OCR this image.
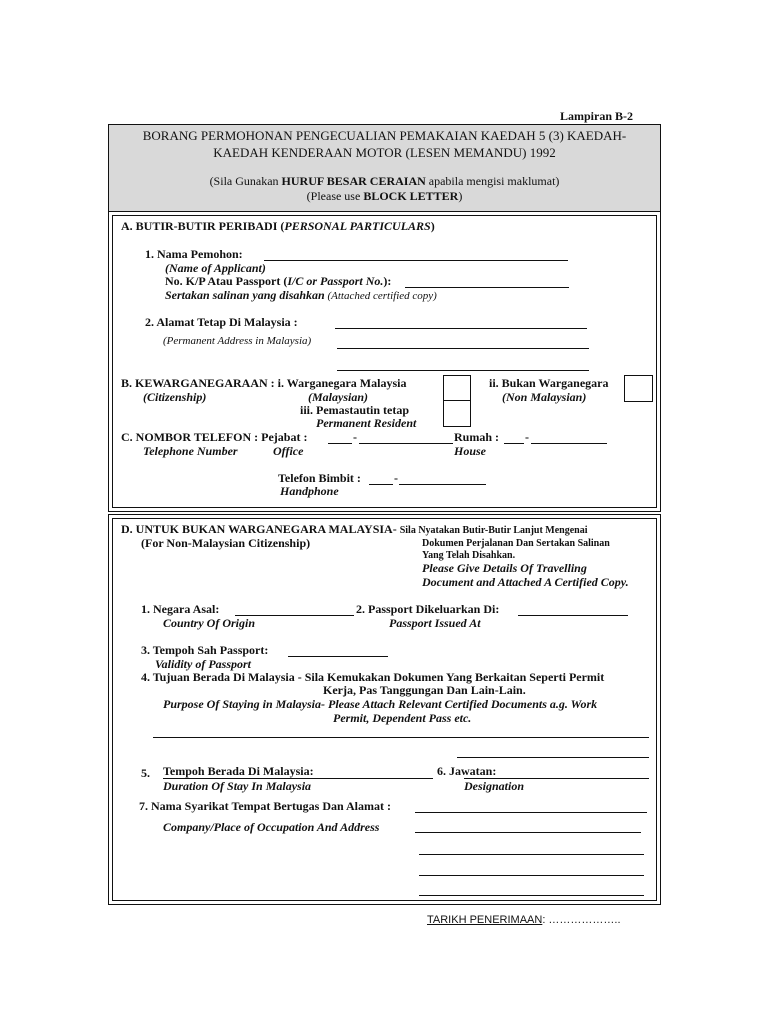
Lampiran B-2
BORANG PERMOHONAN PENGECUALIAN PEMAKAIAN KAEDAH 5 (3) KAEDAH-
KAEDAH KENDERAAN MOTOR (LESEN MEMANDU) 1992
(Sila Gunakan HURUF BESAR CERAIAN apabila mengisi maklumat)
(Please use BLOCK LETTER)
A. BUTIR-BUTIR PERIBADI (PERSONAL PARTICULARS)
1. Nama Pemohon:
(Name of Applicant)
No. K/P Atau Passport (I/C or Passport No.):
Sertakan salinan yang disahkan (Attached certified copy)
2. Alamat Tetap Di Malaysia :
(Permanent Address in Malaysia)
B. KEWARGANEGARAAN : i. Warganegara Malaysia	ii. Bukan Warganegara
(Citizenship)	(Malaysian)	(Non Malaysian)
iii. Pemastautin tetap
Permanent Resident
C. NOMBOR TELEFON : Pejabat :	-	Rumah : -
Telephone Number	Office	House
Telefon Bimbit :	-
Handphone
D. UNTUK BUKAN WARGANEGARA MALAYSIA- Sila Nyatakan Butir-Butir Lanjut Mengenai
(For Non-Malaysian Citizenship)	Dokumen Perjalanan Dan Sertakan Salinan
Yang Telah Disahkan.
Please Give Details Of Travelling
Document and Attached A Certified Copy.
1. Negara Asal:
Country Of Origin
2. Passport Dikeluarkan Di:
Passport Issued At
3. Tempoh Sah Passport:
Validity of Passport
4. Tujuan Berada Di Malaysia - Sila Kemukakan Dokumen Yang Berkaitan Seperti Permit
Kerja, Pas Tanggungan Dan Lain-Lain.
Purpose Of Staying in Malaysia- Please Attach Relevant Certified Documents a.g. Work
Permit, Dependent Pass etc.
5. Tempoh Berada Di Malaysia:
Duration Of Stay In Malaysia
6. Jawatan:
Designation
7. Nama Syarikat Tempat Bertugas Dan Alamat :
Company/Place of Occupation And Address
TARIKH PENERIMAAN: ………………..
